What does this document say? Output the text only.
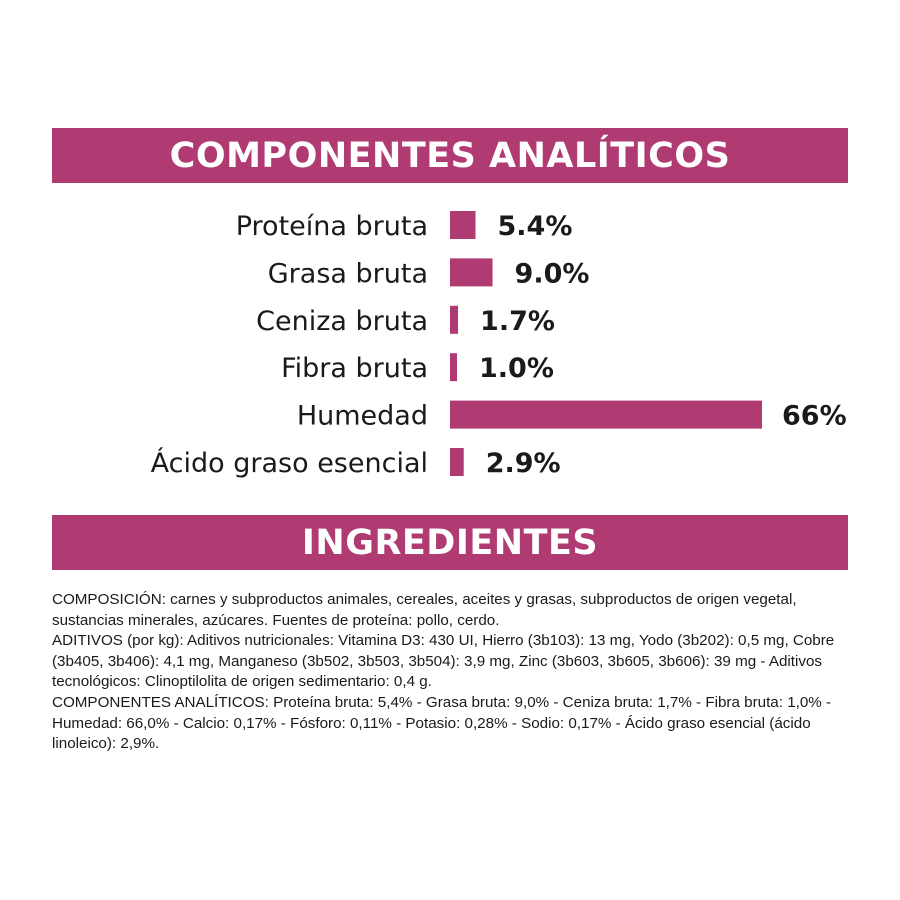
COMPONENTES ANALÍTICOS
Proteína bruta	5.4%
Grasa bruta	9.0%
Ceniza bruta 1.7%
Fibra bruta 1.0%
Humedad	66%
Ácido graso esencial 2.9%
INGREDIENTES

COMPOSICIÓN: carnes y subproductos animales, cereales, aceites y grasas, subproductos de origen vegetal, sustancias minerales, azúcares. Fuentes de proteína: pollo, cerdo.

ADITIVOS (por kg): Aditivos nutricionales: Vitamina D3: 430 UI, Hierro (3b103): 13 mg, Yodo (3b202): 0,5 mg, Cobre (3b405, 3b406): 4,1 mg, Manganeso (3b502, 3b503, 3b504): 3,9 mg, Zinc (3b603, 3b605, 3b606): 39 mg - Aditivos tecnológicos: Clinoptilolita de origen sedimentario: 0,4 g.

COMPONENTES ANALÍTICOS: Proteína bruta: 5,4% - Grasa bruta: 9,0% - Ceniza bruta: 1,7% - Fibra bruta: 1,0% - Humedad: 66,0% - Calcio: 0,17% - Fósforo: 0,11% - Potasio: 0,28% - Sodio: 0,17% - Ácido graso esencial (ácido linoleico): 2,9%.
